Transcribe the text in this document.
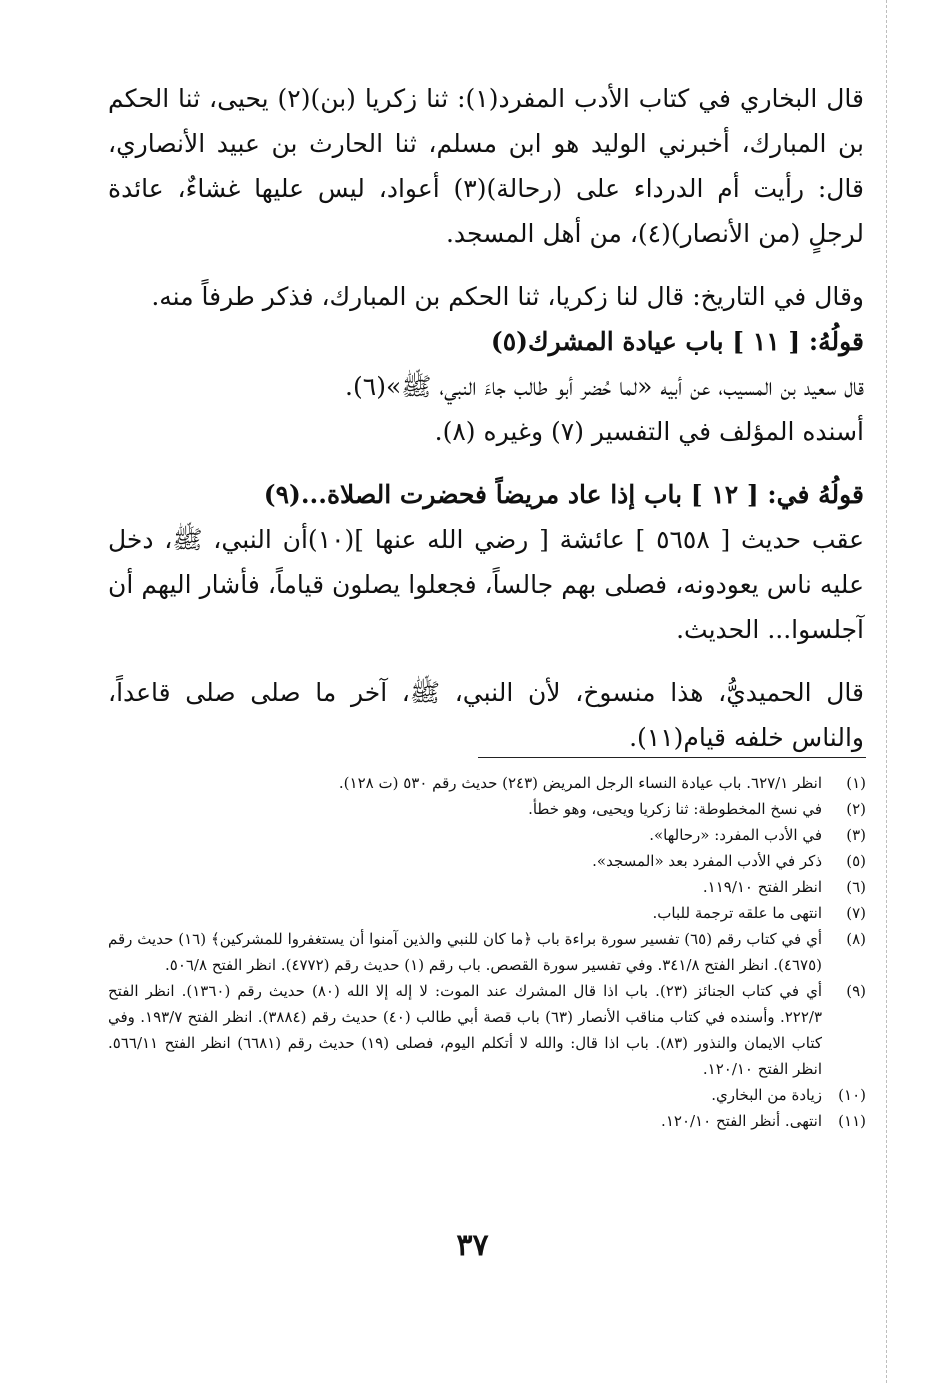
قال البخاري في كتاب الأدب المفرد(١): ثنا زكريا (بن)(٢) يحيى، ثنا الحكم بن المبارك، أخبرني الوليد هو ابن مسلم، ثنا الحارث بن عبيد الأنصاري، قال: رأيت أم الدرداء على (رحالة)(٣) أعواد، ليس عليها غشاءٌ، عائدة لرجلٍ (من الأنصار)(٤)، من أهل المسجد.

وقال في التاريخ: قال لنا زكريا، ثنا الحكم بن المبارك، فذكر طرفاً منه.

قولُهُ: [ ١١ ] باب عيادة المشرك(٥)

قال سعيد بن المسيب، عن أبيه «لما حُضر أبو طالب جاءَ النبي، ﷺ»(٦).

أسنده المؤلف في التفسير (٧) وغيره (٨).

قولُهُ في: [ ١٢ ] باب إذا عاد مريضاً فحضرت الصلاة...(٩)

عقب حديث [ ٥٦٥٨ ] عائشة [ رضي الله عنها ](١٠)أن النبي، ﷺ، دخل عليه ناس يعودونه، فصلى بهم جالساً، فجعلوا يصلون قياماً، فأشار اليهم أن آجلسوا... الحديث.

قال الحميديُّ، هذا منسوخ، لأن النبي، ﷺ، آخر ما صلى صلى قاعداً، والناس خلفه قيام(١١).

(١)
انظر ٦٢٧/١. باب عيادة النساء الرجل المريض (٢٤٣) حديث رقم ٥٣٠ (ت ١٢٨).
(٢)
في نسخ المخطوطة: ثنا زكريا ويحيى، وهو خطأ.
(٣)
في الأدب المفرد: «رحالها».
(٥)
ذكر في الأدب المفرد بعد «المسجد».
(٦)
انظر الفتح ١١٩/١٠.
(٧)
انتهى ما علقه ترجمة للباب.
(٨)
أي في كتاب رقم (٦٥) تفسير سورة براءة باب ﴿ما كان للنبي والذين آمنوا أن يستغفروا للمشركين﴾ (١٦) حديث رقم (٤٦٧٥). انظر الفتح ٣٤١/٨. وفي تفسير سورة القصص. باب رقم (١) حديث رقم (٤٧٧٢). انظر الفتح ٥٠٦/٨.
(٩)
أي في كتاب الجنائز (٢٣). باب اذا قال المشرك عند الموت: لا إله إلا الله (٨٠) حديث رقم (١٣٦٠). انظر الفتح ٢٢٢/٣. وأسنده في كتاب مناقب الأنصار (٦٣) باب قصة أبي طالب (٤٠) حديث رقم (٣٨٨٤). انظر الفتح ١٩٣/٧. وفي كتاب الايمان والنذور (٨٣). باب اذا قال: والله لا أتكلم اليوم، فصلى (١٩) حديث رقم (٦٦٨١) انظر الفتح ٥٦٦/١١. انظر الفتح ١٢٠/١٠.
(١٠)
زيادة من البخاري.
(١١)
انتهى. أنظر الفتح ١٢٠/١٠.
٣٧
